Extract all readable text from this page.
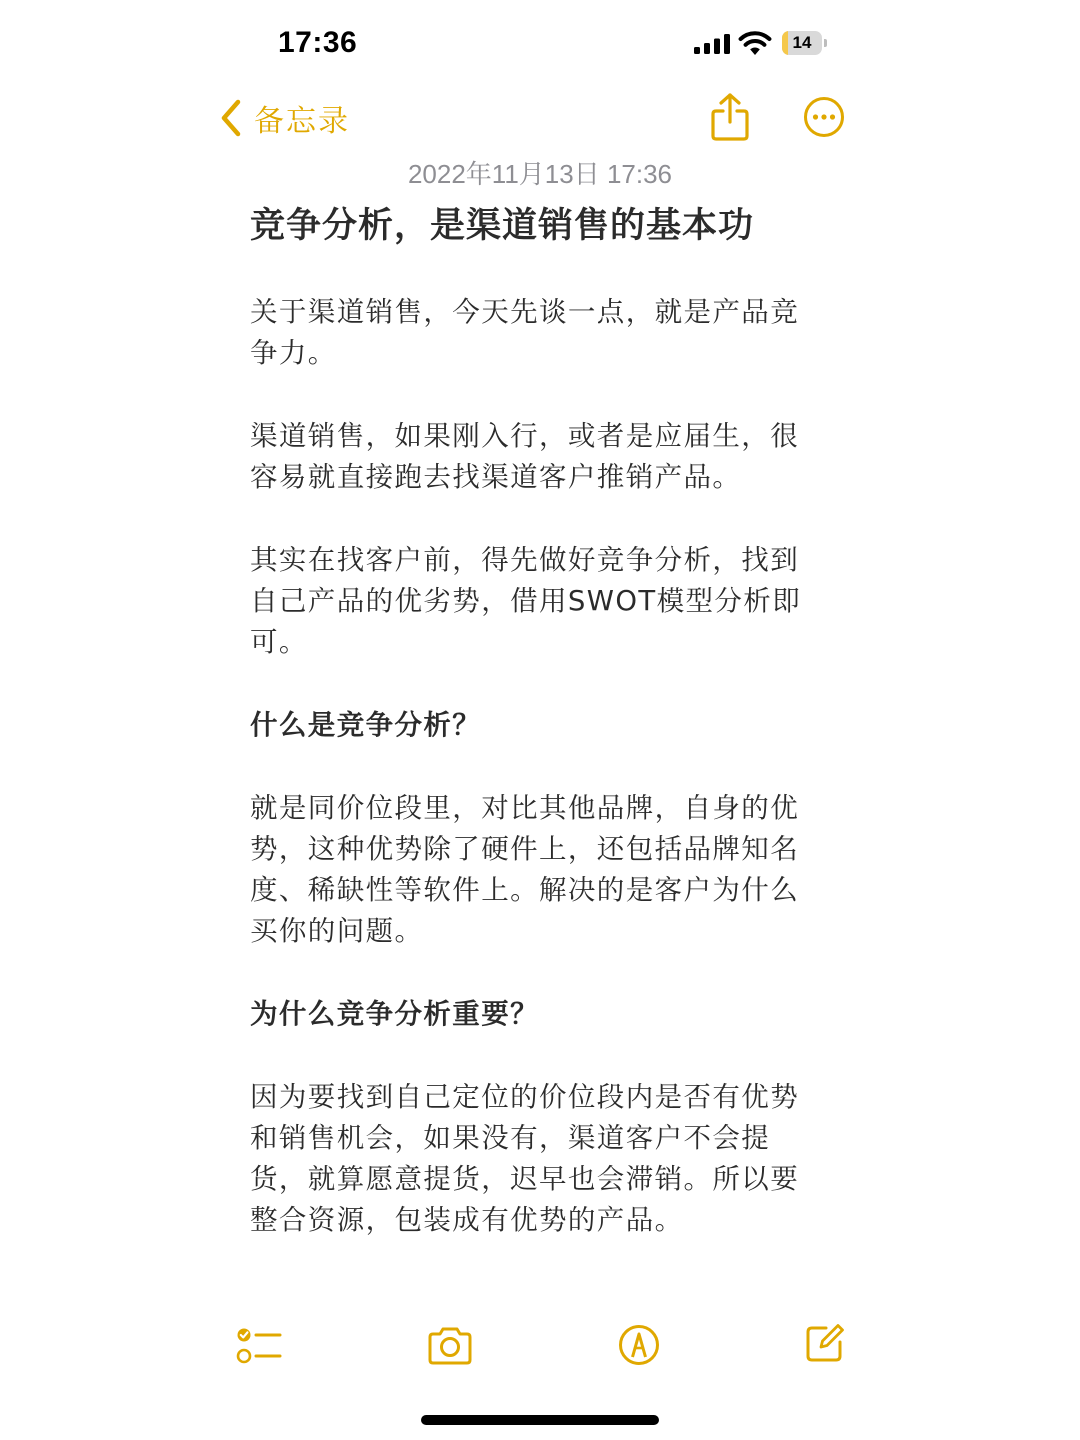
17:36	14
备忘录
2022年11月13日 17:36
竞争分析，是渠道销售的基本功

关于渠道销售，今天先谈一点，就是产品竞争力。

渠道销售，如果刚入行，或者是应届生，很容易就直接跑去找渠道客户推销产品。

其实在找客户前，得先做好竞争分析，找到自己产品的优劣势，借用SWOT模型分析即可。

什么是竞争分析？

就是同价位段里，对比其他品牌，自身的优势，这种优势除了硬件上，还包括品牌知名度、稀缺性等软件上。解决的是客户为什么买你的问题。

为什么竞争分析重要？

因为要找到自己定位的价位段内是否有优势和销售机会，如果没有，渠道客户不会提货，就算愿意提货，迟早也会滞销。所以要整合资源，包装成有优势的产品。
